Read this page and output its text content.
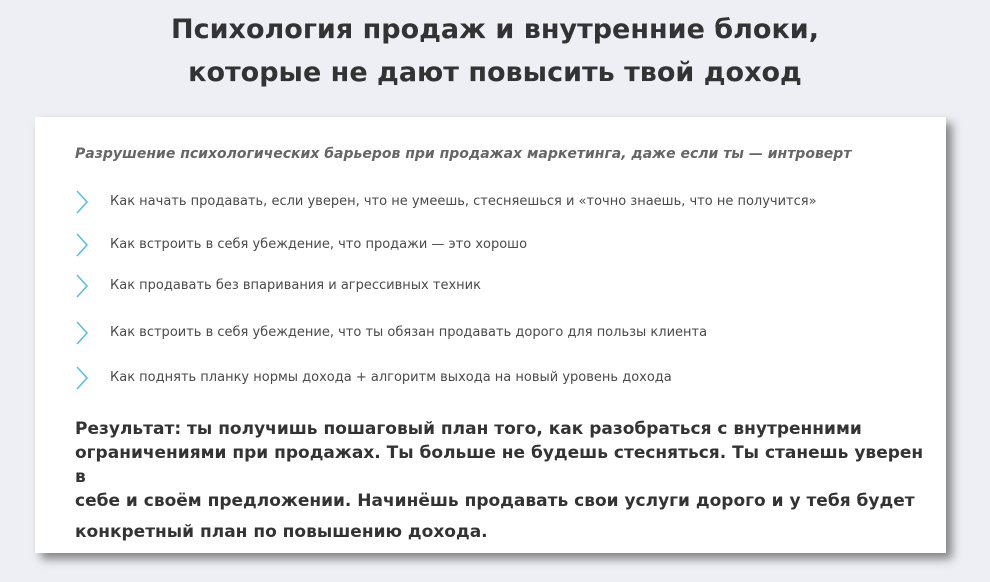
Психология продаж и внутренние блоки,
которые не дают повысить твой доход
Разрушение психологических барьеров при продажах маркетинга, даже если ты — интроверт
Как начать продавать, если уверен, что не умеешь, стесняешься и «точно знаешь, что не получится»
Как встроить в себя убеждение, что продажи — это хорошо
Как продавать без впаривания и агрессивных техник
Как встроить в себя убеждение, что ты обязан продавать дорого для пользы клиента
Как поднять планку нормы дохода + алгоритм выхода на новый уровень дохода
Результат: ты получишь пошаговый план того, как разобраться с внутренними
ограничениями при продажах. Ты больше не будешь стесняться. Ты станешь уверен в
себе и своём предложении. Начинёшь продавать свои услуги дорого и у тебя будет
конкретный план по повышению дохода.
